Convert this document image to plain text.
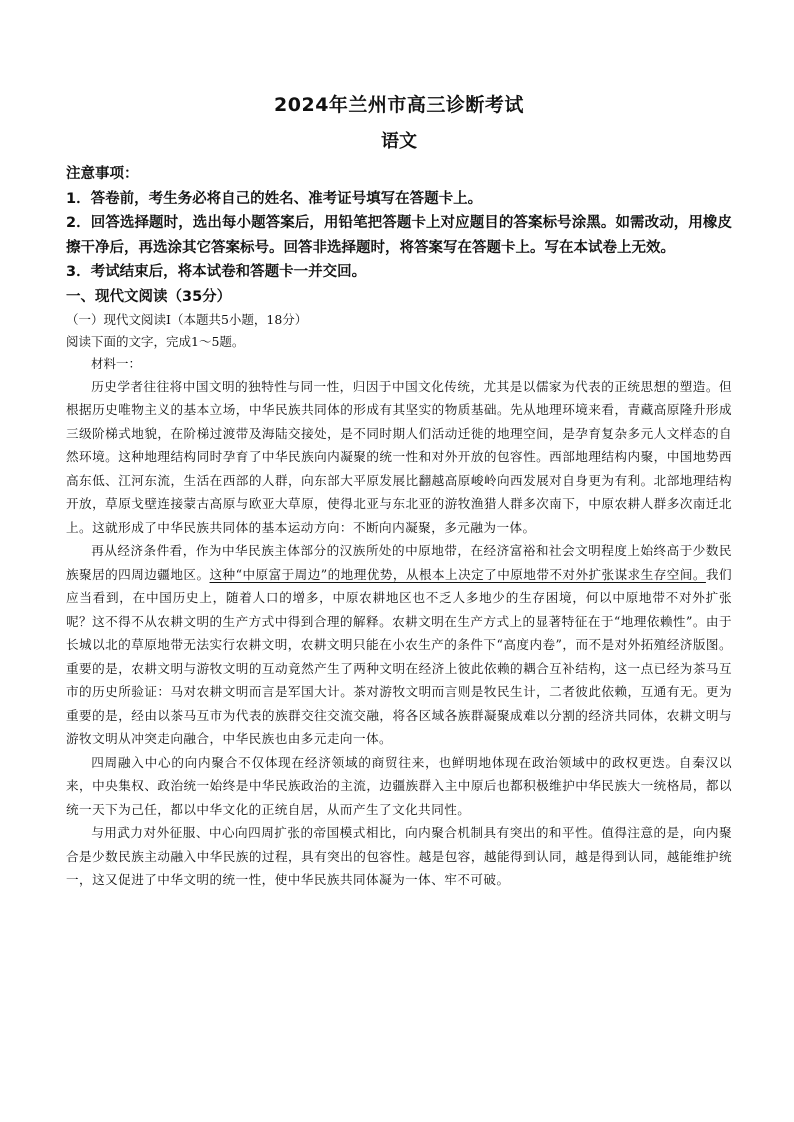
2024年兰州市高三诊断考试
语文

注意事项：

1．答卷前，考生务必将自己的姓名、准考证号填写在答题卡上。

2．回答选择题时，选出每小题答案后，用铅笔把答题卡上对应题目的答案标号涂黑。如需改动，用橡皮擦干净后，再选涂其它答案标号。回答非选择题时，将答案写在答题卡上。写在本试卷上无效。

3．考试结束后，将本试卷和答题卡一并交回。

一、现代文阅读（35分）

（一）现代文阅读Ⅰ（本题共5小题，18分）

阅读下面的文字，完成1～5题。

材料一：

历史学者往往将中国文明的独特性与同一性，归因于中国文化传统，尤其是以儒家为代表的正统思想的塑造。但根据历史唯物主义的基本立场，中华民族共同体的形成有其坚实的物质基础。先从地理环境来看，青藏高原隆升形成三级阶梯式地貌，在阶梯过渡带及海陆交接处，是不同时期人们活动迁徙的地理空间，是孕育复杂多元人文样态的自然环境。这种地理结构同时孕育了中华民族向内凝聚的统一性和对外开放的包容性。西部地理结构内聚，中国地势西高东低、江河东流，生活在西部的人群，向东部大平原发展比翻越高原峻岭向西发展对自身更为有利。北部地理结构开放，草原戈壁连接蒙古高原与欧亚大草原，使得北亚与东北亚的游牧渔猎人群多次南下，中原农耕人群多次南迁北上。这就形成了中华民族共同体的基本运动方向：不断向内凝聚，多元融为一体。

再从经济条件看，作为中华民族主体部分的汉族所处的中原地带，在经济富裕和社会文明程度上始终高于少数民族聚居的四周边疆地区。这种“中原富于周边”的地理优势，从根本上决定了中原地带不对外扩张谋求生存空间。我们应当看到，在中国历史上，随着人口的增多，中原农耕地区也不乏人多地少的生存困境，何以中原地带不对外扩张呢？这不得不从农耕文明的生产方式中得到合理的解释。农耕文明在生产方式上的显著特征在于“地理依赖性”。由于长城以北的草原地带无法实行农耕文明，农耕文明只能在小农生产的条件下“高度内卷”，而不是对外拓殖经济版图。重要的是，农耕文明与游牧文明的互动竟然产生了两种文明在经济上彼此依赖的耦合互补结构，这一点已经为茶马互市的历史所验证：马对农耕文明而言是军国大计。茶对游牧文明而言则是牧民生计，二者彼此依赖，互通有无。更为重要的是，经由以茶马互市为代表的族群交往交流交融，将各区域各族群凝聚成难以分割的经济共同体，农耕文明与游牧文明从冲突走向融合，中华民族也由多元走向一体。

四周融入中心的向内聚合不仅体现在经济领域的商贸往来，也鲜明地体现在政治领域中的政权更迭。自秦汉以来，中央集权、政治统一始终是中华民族政治的主流，边疆族群入主中原后也都积极维护中华民族大一统格局，都以统一天下为己任，都以中华文化的正统自居，从而产生了文化共同性。

与用武力对外征服、中心向四周扩张的帝国模式相比，向内聚合机制具有突出的和平性。值得注意的是，向内聚合是少数民族主动融入中华民族的过程，具有突出的包容性。越是包容，越能得到认同，越是得到认同，越能维护统一，这又促进了中华文明的统一性，使中华民族共同体凝为一体、牢不可破。
